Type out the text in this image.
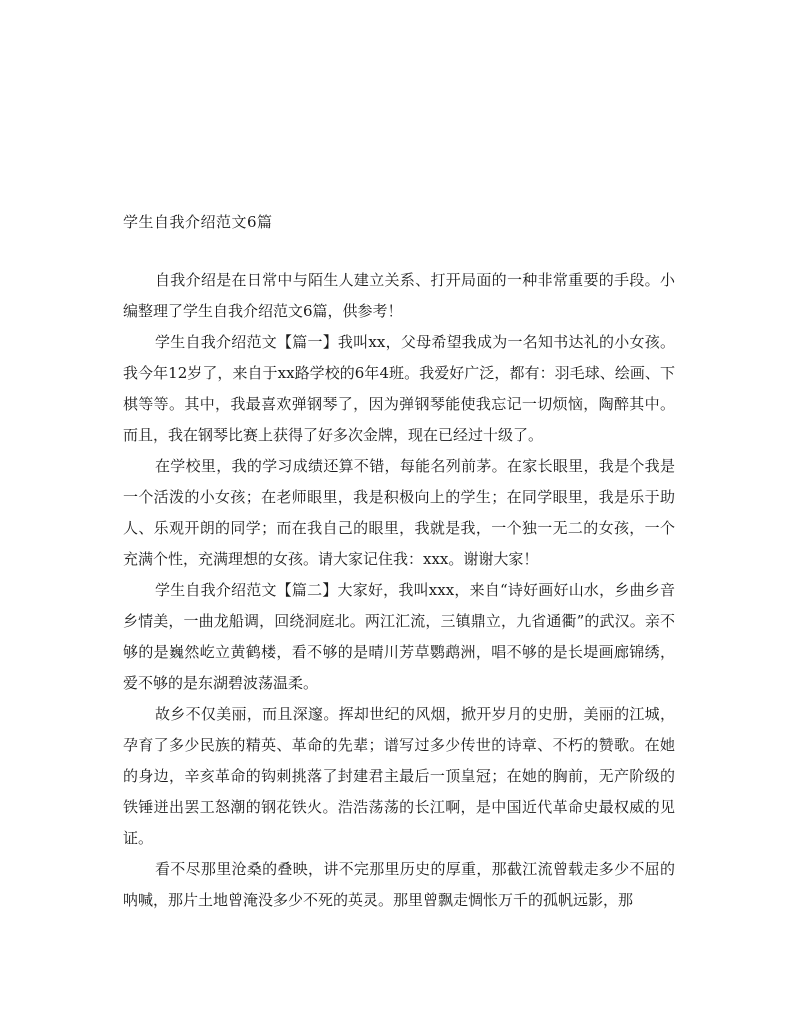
学生自我介绍范文6篇

自我介绍是在日常中与陌生人建立关系、打开局面的一种非常重要的手段。小编整理了学生自我介绍范文6篇，供参考！

学生自我介绍范文【篇一】我叫xx，父母希望我成为一名知书达礼的小女孩。我今年12岁了，来自于xx路学校的6年4班。我爱好广泛，都有：羽毛球、绘画、下棋等等。其中，我最喜欢弹钢琴了，因为弹钢琴能使我忘记一切烦恼，陶醉其中。而且，我在钢琴比赛上获得了好多次金牌，现在已经过十级了。

在学校里，我的学习成绩还算不错，每能名列前茅。在家长眼里，我是个我是一个活泼的小女孩；在老师眼里，我是积极向上的学生；在同学眼里，我是乐于助人、乐观开朗的同学；而在我自己的眼里，我就是我，一个独一无二的女孩，一个充满个性，充满理想的女孩。请大家记住我：xxx。谢谢大家！

学生自我介绍范文【篇二】大家好，我叫xxx，来自“诗好画好山水，乡曲乡音乡情美，一曲龙船调，回绕洞庭北。两江汇流，三镇鼎立，九省通衢”的武汉。亲不够的是巍然屹立黄鹤楼，看不够的是晴川芳草鹦鹉洲，唱不够的是长堤画廊锦绣，爱不够的是东湖碧波荡温柔。

故乡不仅美丽，而且深邃。挥却世纪的风烟，掀开岁月的史册，美丽的江城，孕育了多少民族的精英、革命的先辈；谱写过多少传世的诗章、不朽的赞歌。在她的身边，辛亥革命的钩刺挑落了封建君主最后一顶皇冠；在她的胸前，无产阶级的铁锤迸出罢工怒潮的钢花铁火。浩浩荡荡的长江啊，是中国近代革命史最权威的见证。

看不尽那里沧桑的叠映，讲不完那里历史的厚重，那截江流曾载走多少不屈的呐喊，那片土地曾淹没多少不死的英灵。那里曾飘走惆怅万千的孤帆远影，那
